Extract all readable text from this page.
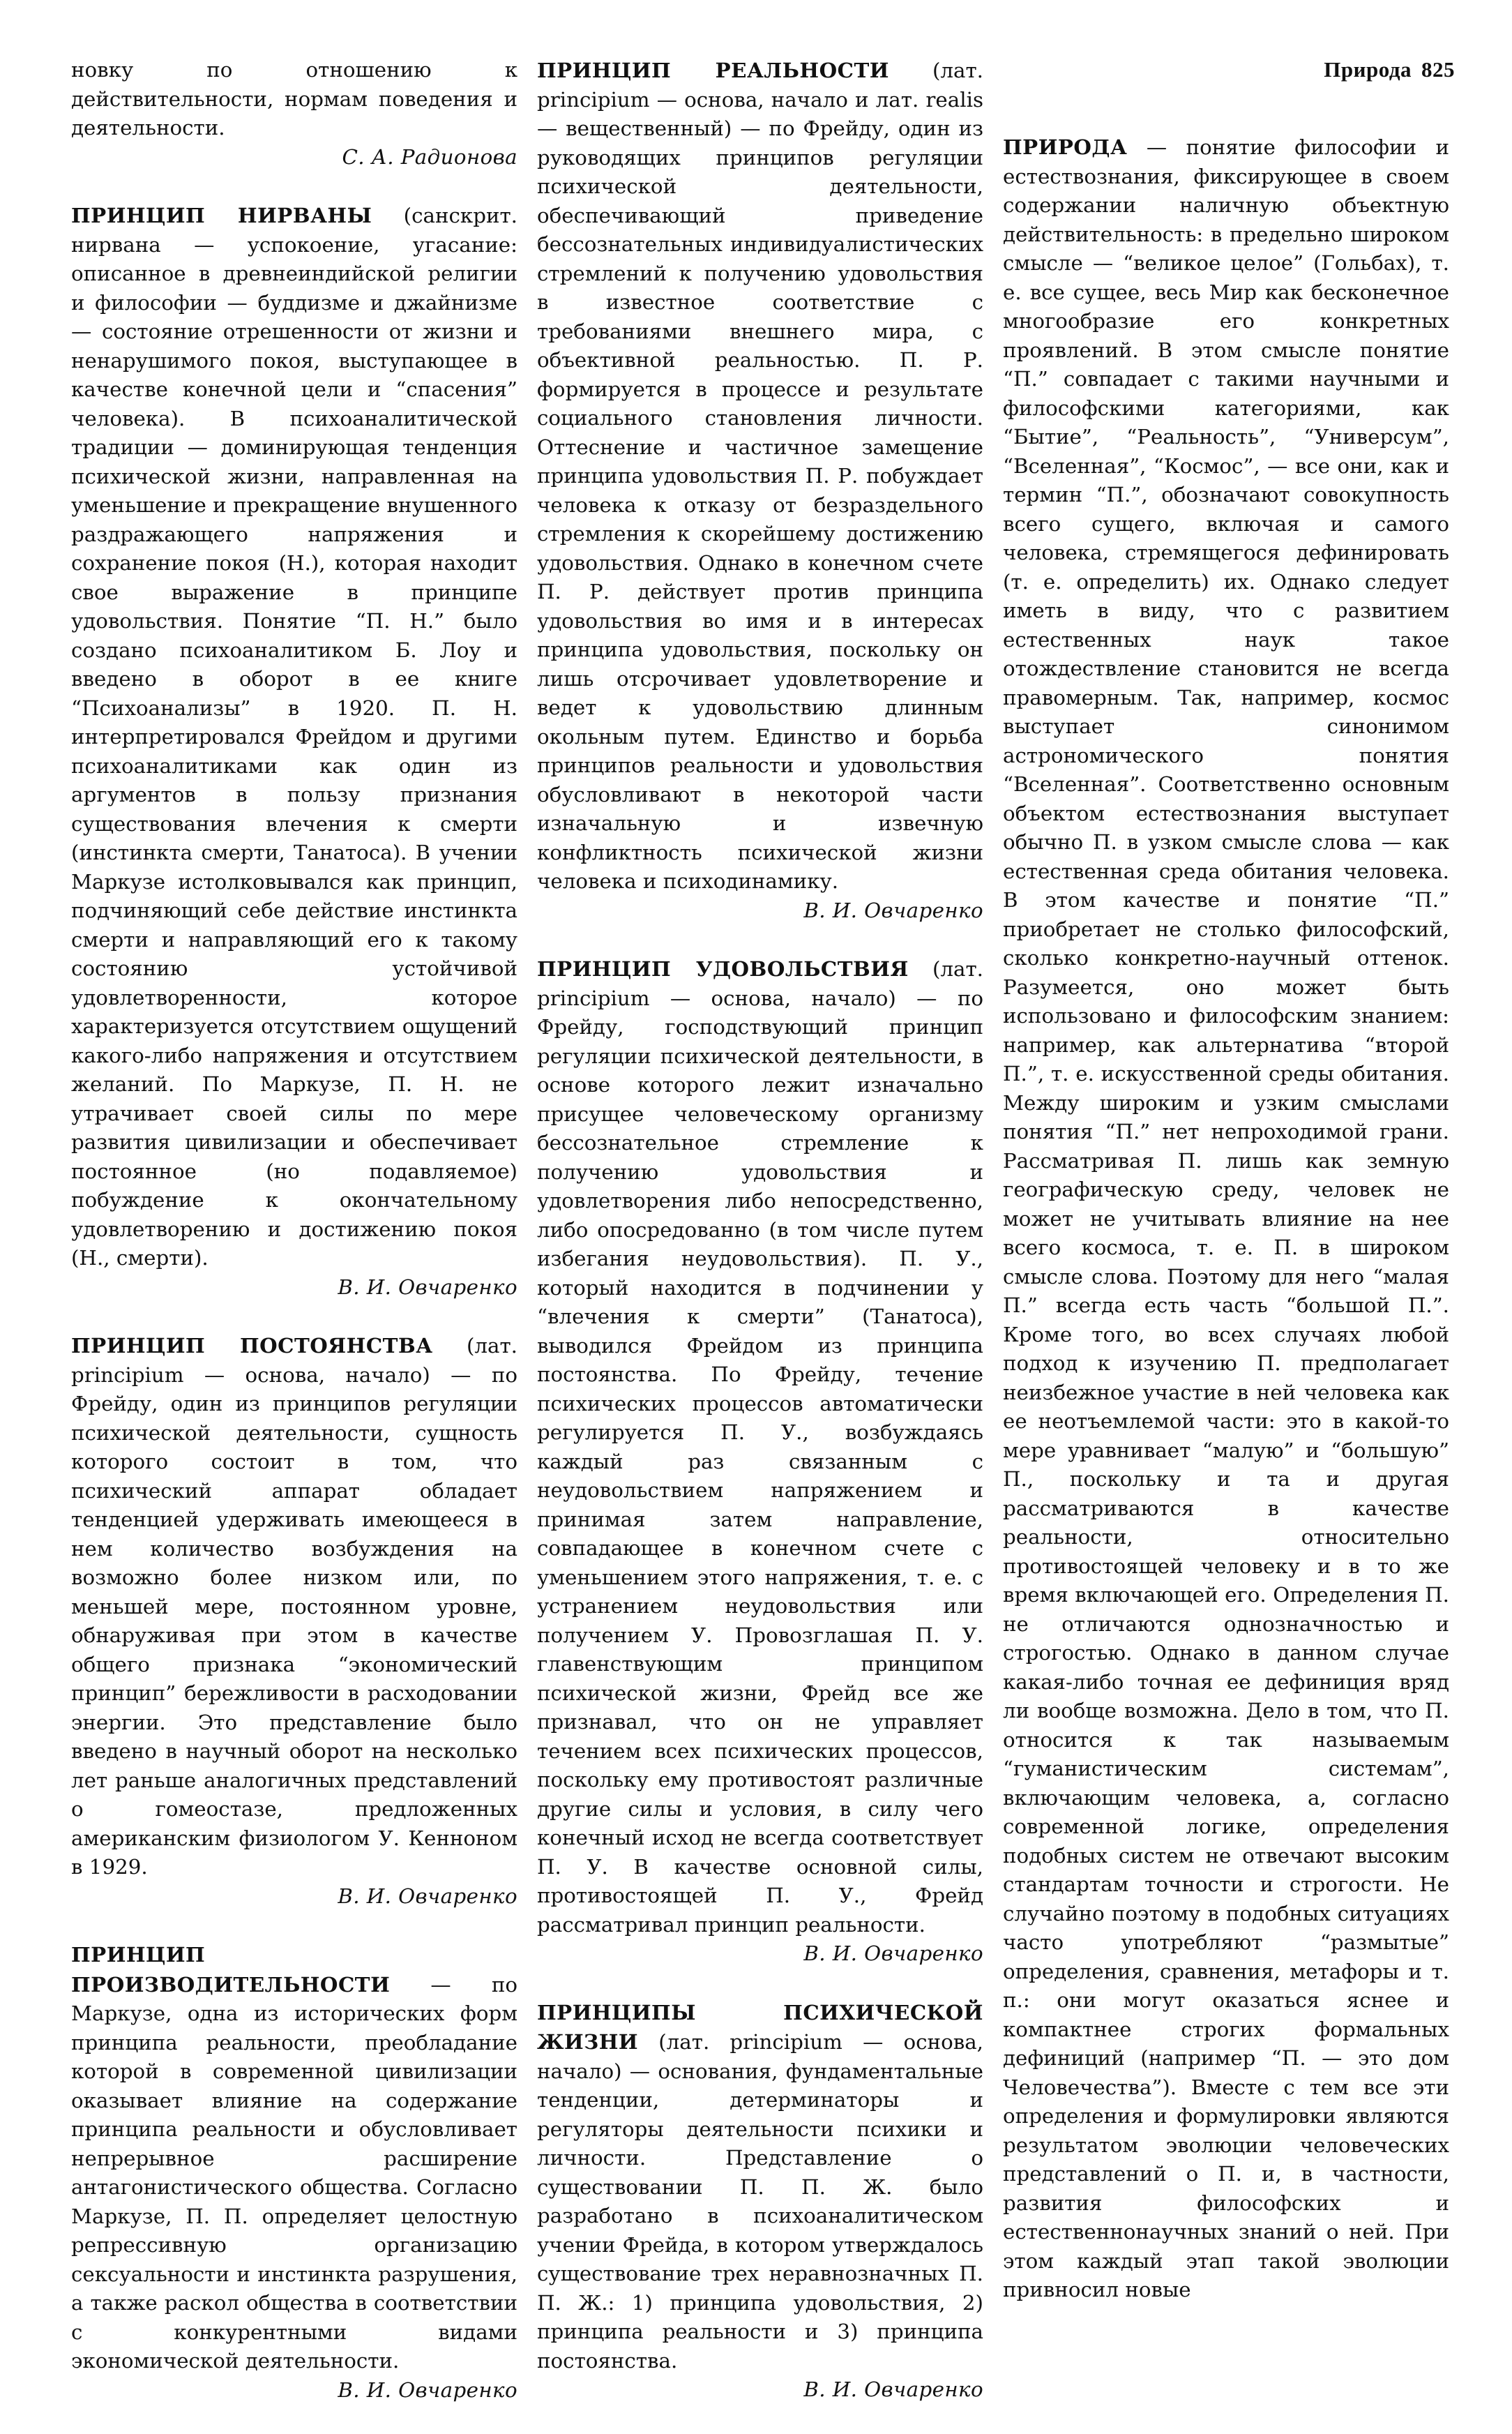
Природа 825

новку по отношению к действительности, нормам поведения и деятельности.

С. А. Радионова

ПРИНЦИП НИРВАНЫ (санскрит. нирвана — успокоение, угасание: описанное в древнеиндийской религии и философии — буддизме и джайнизме — состояние отрешенности от жизни и ненарушимого покоя, выступающее в качестве конечной цели и “спасения” человека). В психоаналитической традиции — доминирующая тенденция психической жизни, направленная на уменьшение и прекращение внушенного раздражающего напряжения и сохранение покоя (Н.), которая находит свое выражение в принципе удовольствия. Понятие “П. Н.” было создано психоаналитиком Б. Лоу и введено в оборот в ее книге “Психоанализы” в 1920. П. Н. интерпретировался Фрейдом и другими психоаналитиками как один из аргументов в пользу признания существования влечения к смерти (инстинкта смерти, Танатоса). В учении Маркузе истолковывался как принцип, подчиняющий себе действие инстинкта смерти и направляющий его к такому состоянию устойчивой удовлетворенности, которое характеризуется отсутствием ощущений какого-либо напряжения и отсутствием желаний. По Маркузе, П. Н. не утрачивает своей силы по мере развития цивилизации и обеспечивает постоянное (но подавляемое) побуждение к окончательному удовлетворению и достижению покоя (Н., смерти).

В. И. Овчаренко

ПРИНЦИП ПОСТОЯНСТВА (лат. principium — основа, начало) — по Фрейду, один из принципов регуляции психической деятельности, сущность которого состоит в том, что психический аппарат обладает тенденцией удерживать имеющееся в нем количество возбуждения на возможно более низком или, по меньшей мере, постоянном уровне, обнаруживая при этом в качестве общего признака “экономический принцип” бережливости в расходовании энергии. Это представление было введено в научный оборот на несколько лет раньше аналогичных представлений о гомеостазе, предложенных американским физиологом У. Кенноном в 1929.

В. И. Овчаренко

ПРИНЦИП ПРОИЗВОДИТЕЛЬНОСТИ — по Маркузе, одна из исторических форм принципа реальности, преобладание которой в современной цивилизации оказывает влияние на содержание принципа реальности и обусловливает непрерывное расширение антагонистического общества. Согласно Маркузе, П. П. определяет целостную репрессивную организацию сексуальности и инстинкта разрушения, а также раскол общества в соответствии с конкурентными видами экономической деятельности.

В. И. Овчаренко

ПРИНЦИП РЕАЛЬНОСТИ (лат. principium — основа, начало и лат. realis — вещественный) — по Фрейду, один из руководящих принципов регуляции психической деятельности, обеспечивающий приведение бессознательных индивидуалистических стремлений к получению удовольствия в известное соответствие с требованиями внешнего мира, с объективной реальностью. П. Р. формируется в процессе и результате социального становления личности. Оттеснение и частичное замещение принципа удовольствия П. Р. побуждает человека к отказу от безраздельного стремления к скорейшему достижению удовольствия. Однако в конечном счете П. Р. действует против принципа удовольствия во имя и в интересах принципа удовольствия, поскольку он лишь отсрочивает удовлетворение и ведет к удовольствию длинным окольным путем. Единство и борьба принципов реальности и удовольствия обусловливают в некоторой части изначальную и извечную конфликтность психической жизни человека и психодинамику.

В. И. Овчаренко

ПРИНЦИП УДОВОЛЬСТВИЯ (лат. principium — основа, начало) — по Фрейду, господствующий принцип регуляции психической деятельности, в основе которого лежит изначально присущее человеческому организму бессознательное стремление к получению удовольствия и удовлетворения либо непосредственно, либо опосредованно (в том числе путем избегания неудовольствия). П. У., который находится в подчинении у “влечения к смерти” (Танатоса), выводился Фрейдом из принципа постоянства. По Фрейду, течение психических процессов автоматически регулируется П. У., возбуждаясь каждый раз связанным с неудовольствием напряжением и принимая затем направление, совпадающее в конечном счете с уменьшением этого напряжения, т. е. с устранением неудовольствия или получением У. Провозглашая П. У. главенствующим принципом психической жизни, Фрейд все же признавал, что он не управляет течением всех психических процессов, поскольку ему противостоят различные другие силы и условия, в силу чего конечный исход не всегда соответствует П. У. В качестве основной силы, противостоящей П. У., Фрейд рассматривал принцип реальности.

В. И. Овчаренко

ПРИНЦИПЫ ПСИХИЧЕСКОЙ ЖИЗНИ (лат. principium — основа, начало) — основания, фундаментальные тенденции, детерминаторы и регуляторы деятельности психики и личности. Представление о существовании П. П. Ж. было разработано в психоаналитическом учении Фрейда, в котором утверждалось существование трех неравнозначных П. П. Ж.: 1) принципа удовольствия, 2) принципа реальности и 3) принципа постоянства.

В. И. Овчаренко

ПРИРОДА — понятие философии и естествознания, фиксирующее в своем содержании наличную объектную действительность: в предельно широком смысле — “великое целое” (Гольбах), т. е. все сущее, весь Мир как бесконечное многообразие его конкретных проявлений. В этом смысле понятие “П.” совпадает с такими научными и философскими категориями, как “Бытие”, “Реальность”, “Универсум”, “Вселенная”, “Космос”, — все они, как и термин “П.”, обозначают совокупность всего сущего, включая и самого человека, стремящегося дефинировать (т. е. определить) их. Однако следует иметь в виду, что с развитием естественных наук такое отождествление становится не всегда правомерным. Так, например, космос выступает синонимом астрономического понятия “Вселенная”. Соответственно основным объектом естествознания выступает обычно П. в узком смысле слова — как естественная среда обитания человека. В этом качестве и понятие “П.” приобретает не столько философский, сколько конкретно-научный оттенок. Разумеется, оно может быть использовано и философским знанием: например, как альтернатива “второй П.”, т. е. искусственной среды обитания. Между широким и узким смыслами понятия “П.” нет непроходимой грани. Рассматривая П. лишь как земную географическую среду, человек не может не учитывать влияние на нее всего космоса, т. е. П. в широком смысле слова. Поэтому для него “малая П.” всегда есть часть “большой П.”. Кроме того, во всех случаях любой подход к изучению П. предполагает неизбежное участие в ней человека как ее неотъемлемой части: это в какой-то мере уравнивает “малую” и “большую” П., поскольку и та и другая рассматриваются в качестве реальности, относительно противостоящей человеку и в то же время включающей его. Определения П. не отличаются однозначностью и строгостью. Однако в данном случае какая-либо точная ее дефиниция вряд ли вообще возможна. Дело в том, что П. относится к так называемым “гуманистическим системам”, включающим человека, а, согласно современной логике, определения подобных систем не отвечают высоким стандартам точности и строгости. Не случайно поэтому в подобных ситуациях часто употребляют “размытые” определения, сравнения, метафоры и т. п.: они могут оказаться яснее и компактнее строгих формальных дефиниций (например “П. — это дом Человечества”). Вместе с тем все эти определения и формулировки являются результатом эволюции человеческих представлений о П. и, в частности, развития философских и естественнонаучных знаний о ней. При этом каждый этап такой эволюции привносил новые
